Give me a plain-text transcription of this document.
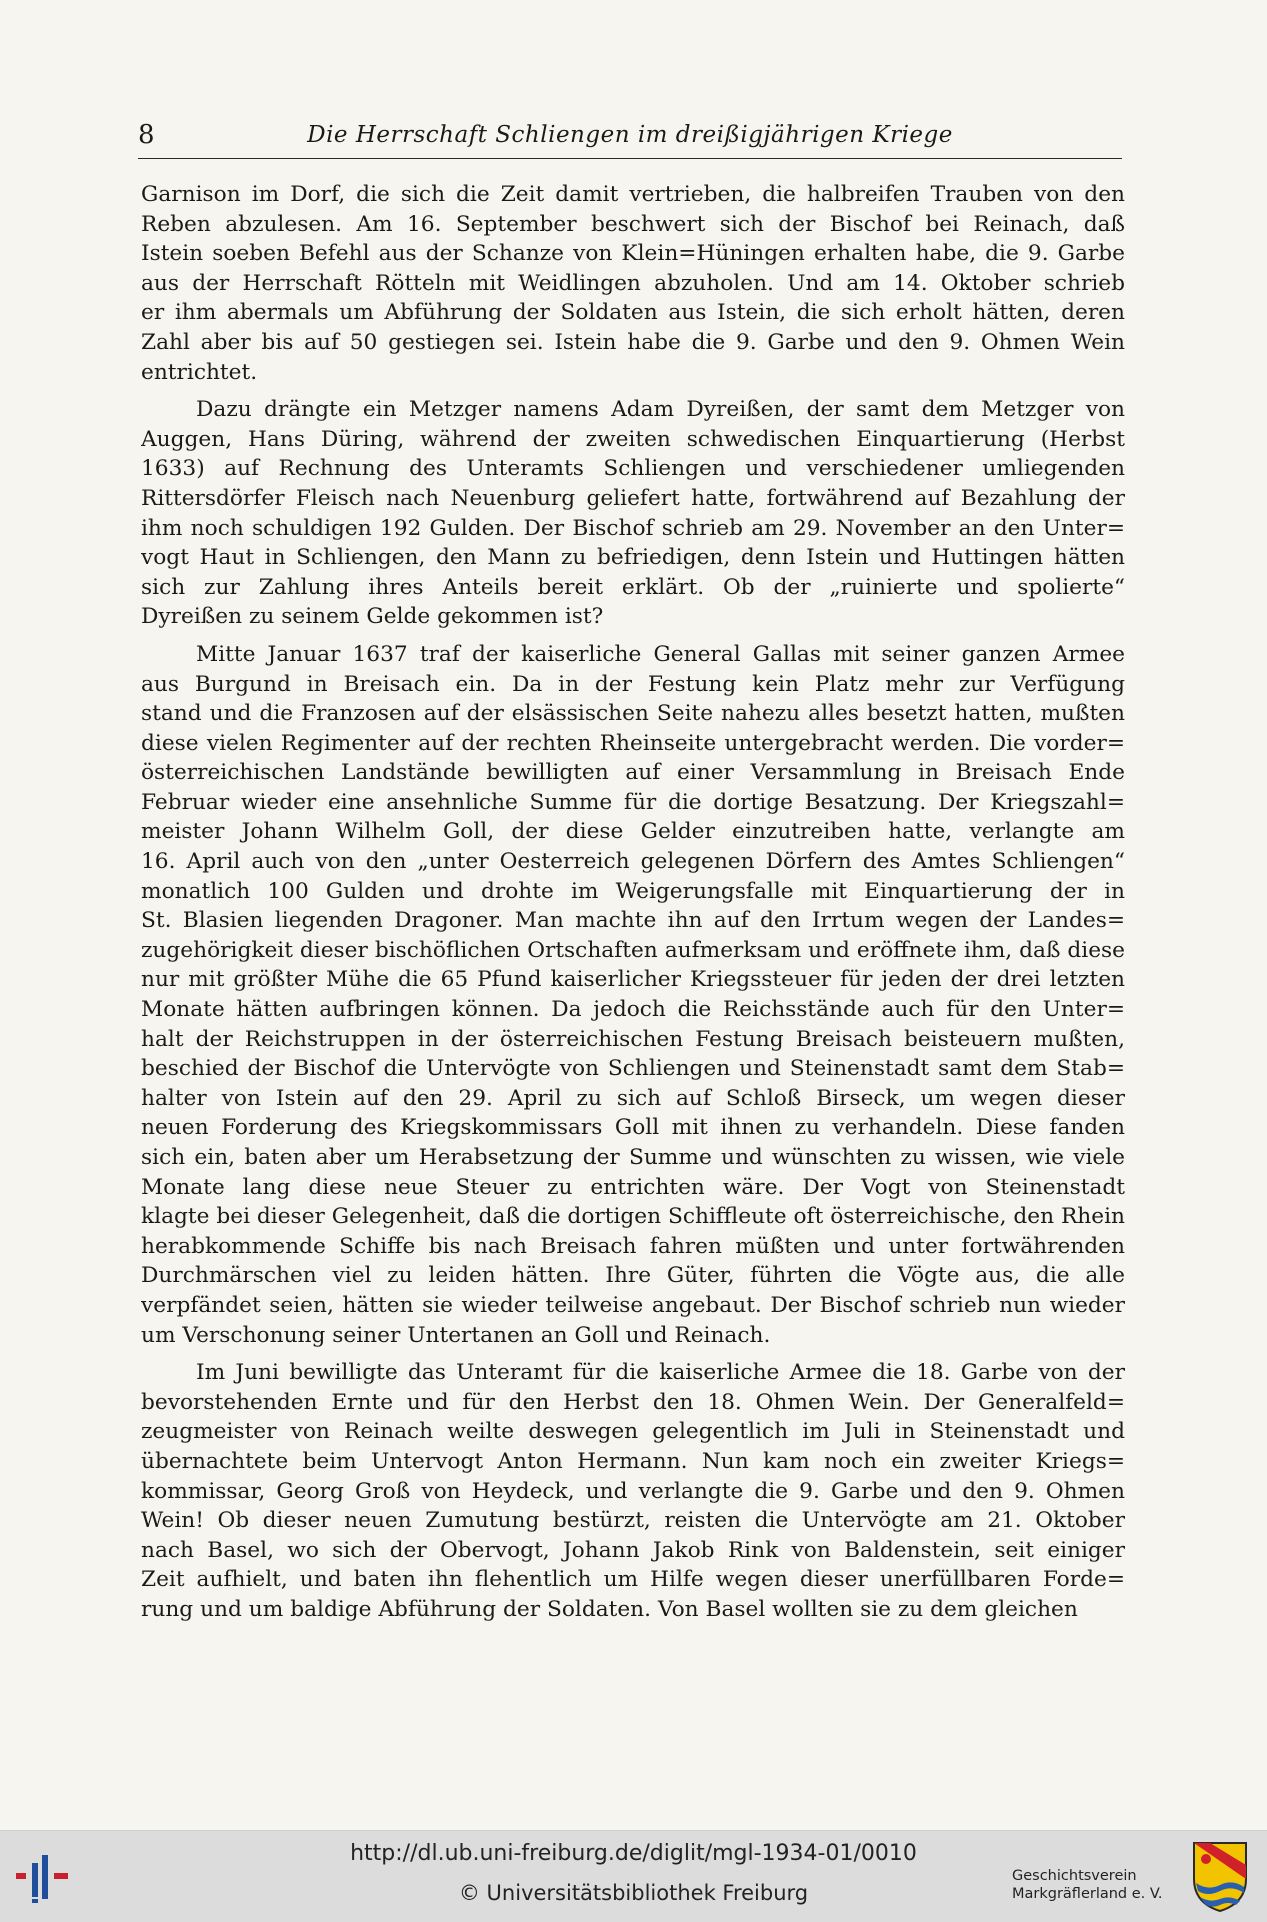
8	Die Herrschaft Schliengen im dreißigjährigen Kriege
Garnison im Dorf, die sich die Zeit damit vertrieben, die halbreifen Trauben von den
Reben abzulesen. Am 16. September beschwert sich der Bischof bei Reinach, daß
Istein soeben Befehl aus der Schanze von Klein=Hüningen erhalten habe, die 9. Garbe
aus der Herrschaft Rötteln mit Weidlingen abzuholen. Und am 14. Oktober schrieb
er ihm abermals um Abführung der Soldaten aus Istein, die sich erholt hätten, deren
Zahl aber bis auf 50 gestiegen sei. Istein habe die 9. Garbe und den 9. Ohmen Wein
entrichtet.
Dazu drängte ein Metzger namens Adam Dyreißen, der samt dem Metzger von
Auggen, Hans Düring, während der zweiten schwedischen Einquartierung (Herbst
1633) auf Rechnung des Unteramts Schliengen und verschiedener umliegenden
Rittersdörfer Fleisch nach Neuenburg geliefert hatte, fortwährend auf Bezahlung der
ihm noch schuldigen 192 Gulden. Der Bischof schrieb am 29. November an den Unter=
vogt Haut in Schliengen, den Mann zu befriedigen, denn Istein und Huttingen hätten
sich zur Zahlung ihres Anteils bereit erklärt. Ob der „ruinierte und spolierte“
Dyreißen zu seinem Gelde gekommen ist?
Mitte Januar 1637 traf der kaiserliche General Gallas mit seiner ganzen Armee
aus Burgund in Breisach ein. Da in der Festung kein Platz mehr zur Verfügung
stand und die Franzosen auf der elsässischen Seite nahezu alles besetzt hatten, mußten
diese vielen Regimenter auf der rechten Rheinseite untergebracht werden. Die vorder=
österreichischen Landstände bewilligten auf einer Versammlung in Breisach Ende
Februar wieder eine ansehnliche Summe für die dortige Besatzung. Der Kriegszahl=
meister Johann Wilhelm Goll, der diese Gelder einzutreiben hatte, verlangte am
16. April auch von den „unter Oesterreich gelegenen Dörfern des Amtes Schliengen“
monatlich 100 Gulden und drohte im Weigerungsfalle mit Einquartierung der in
St. Blasien liegenden Dragoner. Man machte ihn auf den Irrtum wegen der Landes=
zugehörigkeit dieser bischöflichen Ortschaften aufmerksam und eröffnete ihm, daß diese
nur mit größter Mühe die 65 Pfund kaiserlicher Kriegssteuer für jeden der drei letzten
Monate hätten aufbringen können. Da jedoch die Reichsstände auch für den Unter=
halt der Reichstruppen in der österreichischen Festung Breisach beisteuern mußten,
beschied der Bischof die Untervögte von Schliengen und Steinenstadt samt dem Stab=
halter von Istein auf den 29. April zu sich auf Schloß Birseck, um wegen dieser
neuen Forderung des Kriegskommissars Goll mit ihnen zu verhandeln. Diese fanden
sich ein, baten aber um Herabsetzung der Summe und wünschten zu wissen, wie viele
Monate lang diese neue Steuer zu entrichten wäre. Der Vogt von Steinenstadt
klagte bei dieser Gelegenheit, daß die dortigen Schiffleute oft österreichische, den Rhein
herabkommende Schiffe bis nach Breisach fahren müßten und unter fortwährenden
Durchmärschen viel zu leiden hätten. Ihre Güter, führten die Vögte aus, die alle
verpfändet seien, hätten sie wieder teilweise angebaut. Der Bischof schrieb nun wieder
um Verschonung seiner Untertanen an Goll und Reinach.
Im Juni bewilligte das Unteramt für die kaiserliche Armee die 18. Garbe von der
bevorstehenden Ernte und für den Herbst den 18. Ohmen Wein. Der Generalfeld=
zeugmeister von Reinach weilte deswegen gelegentlich im Juli in Steinenstadt und
übernachtete beim Untervogt Anton Hermann. Nun kam noch ein zweiter Kriegs=
kommissar, Georg Groß von Heydeck, und verlangte die 9. Garbe und den 9. Ohmen
Wein! Ob dieser neuen Zumutung bestürzt, reisten die Untervögte am 21. Oktober
nach Basel, wo sich der Obervogt, Johann Jakob Rink von Baldenstein, seit einiger
Zeit aufhielt, und baten ihn flehentlich um Hilfe wegen dieser unerfüllbaren Forde=
rung und um baldige Abführung der Soldaten. Von Basel wollten sie zu dem gleichen
http://dl.ub.uni-freiburg.de/diglit/mgl-1934-01/0010
© Universitätsbibliothek Freiburg
Geschichtsverein
Markgräflerland e. V.
